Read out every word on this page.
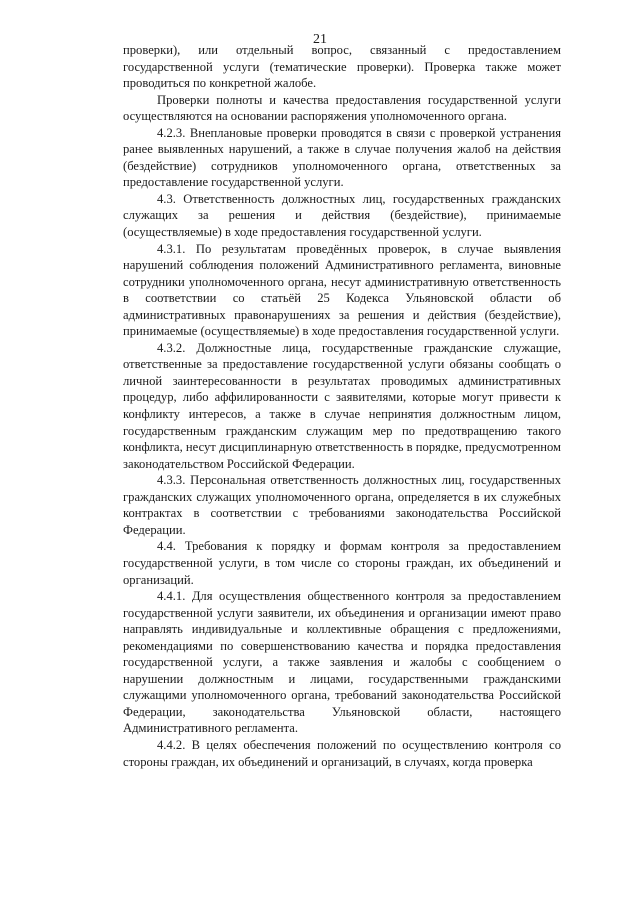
21

проверки), или отдельный вопрос, связанный с предоставлением государственной услуги (тематические проверки). Проверка также может проводиться по конкретной жалобе.

Проверки полноты и качества предоставления государственной услуги осуществляются на основании распоряжения уполномоченного органа.

4.2.3. Внеплановые проверки проводятся в связи с проверкой устранения ранее выявленных нарушений, а также в случае получения жалоб на действия (бездействие) сотрудников уполномоченного органа, ответственных за предоставление государственной услуги.

4.3. Ответственность должностных лиц, государственных гражданских служащих за решения и действия (бездействие), принимаемые (осуществляемые) в ходе предоставления государственной услуги.

4.3.1. По результатам проведённых проверок, в случае выявления нарушений соблюдения положений Административного регламента, виновные сотрудники уполномоченного органа, несут административную ответственность в соответствии со статьёй 25 Кодекса Ульяновской области об административных правонарушениях за решения и действия (бездействие), принимаемые (осуществляемые) в ходе предоставления государственной услуги.

4.3.2. Должностные лица, государственные гражданские служащие, ответственные за предоставление государственной услуги обязаны сообщать о личной заинтересованности в результатах проводимых административных процедур, либо аффилированности с заявителями, которые могут привести к конфликту интересов, а также в случае непринятия должностным лицом, государственным гражданским служащим мер по предотвращению такого конфликта, несут дисциплинарную ответственность в порядке, предусмотренном законодательством Российской Федерации.

4.3.3. Персональная ответственность должностных лиц, государственных гражданских служащих уполномоченного органа, определяется в их служебных контрактах в соответствии с требованиями законодательства Российской Федерации.

4.4. Требования к порядку и формам контроля за предоставлением государственной услуги, в том числе со стороны граждан, их объединений и организаций.

4.4.1. Для осуществления общественного контроля за предоставлением государственной услуги заявители, их объединения и организации имеют право направлять индивидуальные и коллективные обращения с предложениями, рекомендациями по совершенствованию качества и порядка предоставления государственной услуги, а также заявления и жалобы с сообщением о нарушении должностным и лицами, государственными гражданскими служащими уполномоченного органа, требований законодательства Российской Федерации, законодательства Ульяновской области, настоящего Административного регламента.

4.4.2. В целях обеспечения положений по осуществлению контроля со стороны граждан, их объединений и организаций, в случаях, когда проверка
